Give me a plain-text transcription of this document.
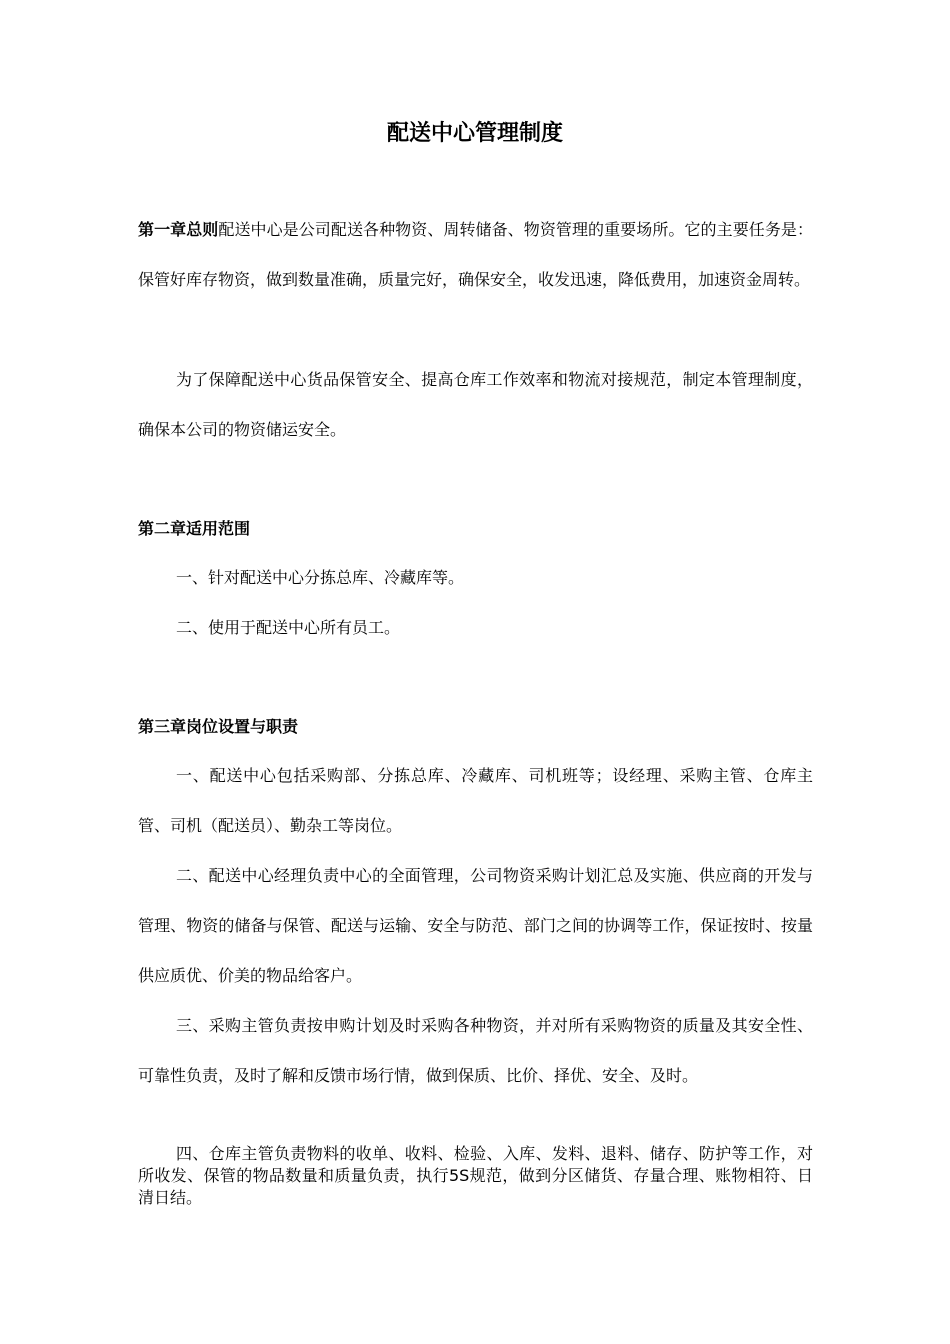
配送中心管理制度

第一章总则配送中心是公司配送各种物资、周转储备、物资管理的重要场所。它的主要任务是：保管好库存物资，做到数量准确，质量完好，确保安全，收发迅速，降低费用，加速资金周转。

为了保障配送中心货品保管安全、提高仓库工作效率和物流对接规范，制定本管理制度，确保本公司的物资储运安全。

第二章适用范围

一、针对配送中心分拣总库、冷藏库等。

二、使用于配送中心所有员工。

第三章岗位设置与职责

一、配送中心包括采购部、分拣总库、冷藏库、司机班等；设经理、采购主管、仓库主管、司机（配送员）、勤杂工等岗位。

二、配送中心经理负责中心的全面管理，公司物资采购计划汇总及实施、供应商的开发与管理、物资的储备与保管、配送与运输、安全与防范、部门之间的协调等工作，保证按时、按量供应质优、价美的物品给客户。

三、采购主管负责按申购计划及时采购各种物资，并对所有采购物资的质量及其安全性、可靠性负责，及时了解和反馈市场行情，做到保质、比价、择优、安全、及时。

四、仓库主管负责物料的收单、收料、检验、入库、发料、退料、储存、防护等工作，对所收发、保管的物品数量和质量负责，执行5S规范，做到分区储货、存量合理、账物相符、日清日结。
